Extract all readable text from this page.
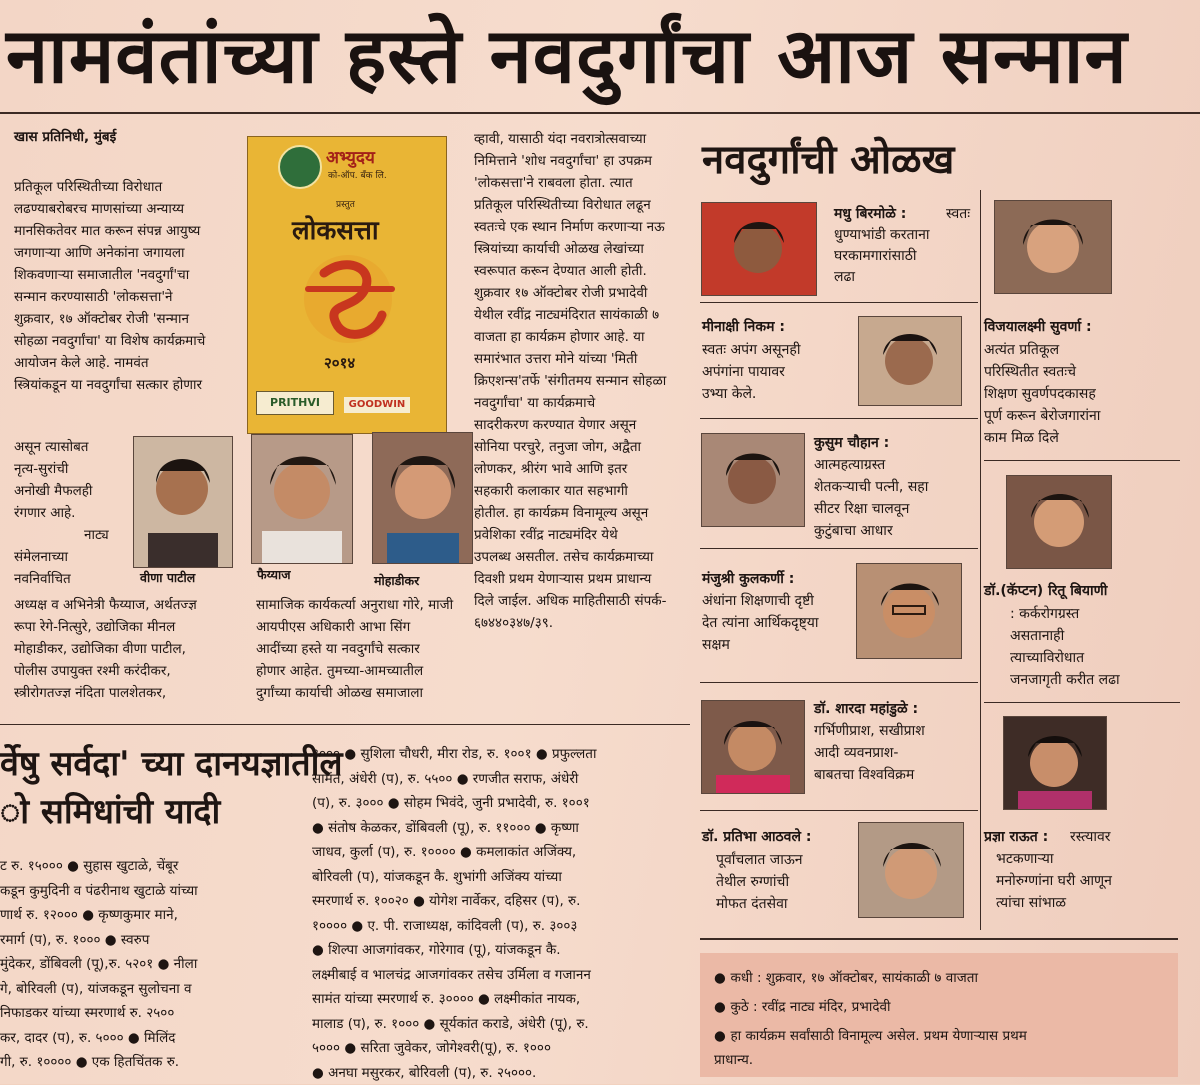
नामवंतांच्या हस्ते नवदुर्गांचा आज सन्मान
खास प्रतिनिधी, मुंबई
प्रतिकूल परिस्थितीच्या विरोधात
लढण्याबरोबरच माणसांच्या अन्याय्य
मानसिकतेवर मात करून संपन्न आयुष्य
जगणाऱ्या आणि अनेकांना जगायला
शिकवणाऱ्या समाजातील 'नवदुर्गां'चा
सन्मान करण्यासाठी 'लोकसत्ता'ने
शुक्रवार, १७ ऑक्टोबर रोजी 'सन्मान
सोहळा नवदुर्गांचा' या विशेष कार्यक्रमाचे
आयोजन केले आहे. नामवंत
स्त्रियांकडून या नवदुर्गांचा सत्कार होणार
असून त्यासोबत
नृत्य-सुरांची
अनोखी मैफलही
रंगणार आहे.
नाट्य
संमेलनाच्या
नवनिर्वाचित
अध्यक्ष व अभिनेत्री फैय्याज, अर्थतज्ज्ञ
रूपा रेगे-नित्सुरे, उद्योजिका मीनल
मोहाडीकर, उद्योजिका वीणा पाटील,
पोलीस उपायुक्त रश्मी करंदीकर,
स्त्रीरोगतज्ज्ञ नंदिता पालशेतकर,
सामाजिक कार्यकर्त्या अनुराधा गोरे, माजी
आयपीएस अधिकारी आभा सिंग
आदींच्या हस्ते या नवदुर्गांचे सत्कार
होणार आहेत. तुमच्या-आमच्यातील
दुर्गांच्या कार्याची ओळख समाजाला
व्हावी, यासाठी यंदा नवरात्रोत्सवाच्या
निमित्ताने 'शोध नवदुर्गांचा' हा उपक्रम
'लोकसत्ता'ने राबवला होता. त्यात
प्रतिकूल परिस्थितीच्या विरोधात लढून
स्वतःचे एक स्थान निर्माण करणाऱ्या नऊ
स्त्रियांच्या कार्याची ओळख लेखांच्या
स्वरूपात करून देण्यात आली होती.
शुक्रवार १७ ऑक्टोबर रोजी प्रभादेवी
येथील रवींद्र नाट्यमंदिरात सायंकाळी ७
वाजता हा कार्यक्रम होणार आहे. या
समारंभात उत्तरा मोने यांच्या 'मिती
क्रिएशन्स'तर्फे 'संगीतमय सन्मान सोहळा
नवदुर्गांचा' या कार्यक्रमाचे
सादरीकरण करण्यात येणार असून
सोनिया परचुरे, तनुजा जोग, अद्वैता
लोणकर, श्रीरंग भावे आणि इतर
सहकारी कलाकार यात सहभागी
होतील. हा कार्यक्रम विनामूल्य असून
प्रवेशिका रवींद्र नाट्यमंदिर येथे
उपलब्ध असतील. तसेच कार्यक्रमाच्या
दिवशी प्रथम येणाऱ्यास प्रथम प्राधान्य
दिले जाईल. अधिक माहितीसाठी संपर्क-
६७४४०३४७/३९.
अभ्युदय
को-ऑप. बँक लि.
प्रस्तुत
लोकसत्ता
२०१४
PRITHVI	GOODWIN
वीणा पाटील	फैय्याज	मोहाडीकर
नवदुर्गांची ओळख
मधु बिरमोळे :	स्वतः
धुण्याभांडी करताना
घरकामगारांसाठी
लढा
मीनाक्षी निकम :
स्वतः अपंग असूनही
अपंगांना पायावर
उभ्या केले.
कुसुम चौहान :
आत्महत्याग्रस्त
शेतकऱ्याची पत्नी, सहा
सीटर रिक्षा चालवून
कुटुंबाचा आधार
मंजुश्री कुलकर्णी :
अंधांना शिक्षणाची दृष्टी
देत त्यांना आर्थिकदृष्ट्या
सक्षम
डॉ. शारदा महांडुळे :
गर्भिणीप्राश, सखीप्राश
आदी व्यवनप्राश-
बाबतचा विश्वविक्रम
डॉ. प्रतिभा आठवले :
पूर्वांचलात जाऊन
तेथील रुग्णांची
मोफत दंतसेवा
विजयालक्ष्मी सुवर्णा :
अत्यंत प्रतिकूल
परिस्थितीत स्वतःचे
शिक्षण सुवर्णपदकासह
पूर्ण करून बेरोजगारांना
काम मिळ दिले
डॉ.(कॅप्टन) रितू बियाणी
: कर्करोगग्रस्त
असतानाही
त्याच्याविरोधात
जनजागृती करीत लढा
प्रज्ञा राऊत : रस्त्यावर
भटकणाऱ्या
मनोरुग्णांना घरी आणून
त्यांचा सांभाळ
र्वेषु सर्वदा' च्या दानयज्ञातील
ो समिधांची यादी
ट रु. १५००० ● सुहास खुटाळे, चेंबूर
कडून कुमुदिनी व पंढरीनाथ खुटाळे यांच्या
णार्थ रु. १२००० ● कृष्णकुमार माने,
रमार्ग (प), रु. १००० ● स्वरुप
मुंदेकर, डोंबिवली (पू),रु. ५२०१ ● नीला
गे, बोरिवली (प), यांजकडून सुलोचना व
निफाडकर यांच्या स्मरणार्थ रु. २५००
कर, दादर (प), रु. ५००० ● मिलिंद
गी, रु. १०००० ● एक हितचिंतक रु.
१००० ● सुशिला चौधरी, मीरा रोड, रु. १००१ ● प्रफुल्लता
सामंत, अंधेरी (प), रु. ५५०० ● रणजीत सराफ, अंधेरी
(प), रु. ३००० ● सोहम भिवंदे, जुनी प्रभादेवी, रु. १००१
● संतोष केळकर, डोंबिवली (पू), रु. ११००० ● कृष्णा
जाधव, कुर्ला (प), रु. १०००० ● कमलाकांत अजिंक्य,
बोरिवली (प), यांजकडून कै. शुभांगी अजिंक्य यांच्या
स्मरणार्थ रु. १००२० ● योगेश नार्वेकर, दहिसर (प), रु.
१०००० ● ए. पी. राजाध्यक्ष, कांदिवली (प), रु. ३००३
● शिल्पा आजगांवकर, गोरेगाव (पू), यांजकडून कै.
लक्ष्मीबाई व भालचंद्र आजगांवकर तसेच उर्मिला व गजानन
सामंत यांच्या स्मरणार्थ रु. ३०००० ● लक्ष्मीकांत नायक,
मालाड (प), रु. १००० ● सूर्यकांत कराडे, अंधेरी (पू), रु.
५००० ● सरिता जुवेकर, जोगेश्वरी(पू), रु. १०००
● अनघा मसुरकर, बोरिवली (प), रु. २५०००.
● कधी : शुक्रवार, १७ ऑक्टोबर, सायंकाळी ७ वाजता
● कुठे : रवींद्र नाट्य मंदिर, प्रभादेवी
● हा कार्यक्रम सर्वांसाठी विनामूल्य असेल. प्रथम येणाऱ्यास प्रथम
प्राधान्य.
